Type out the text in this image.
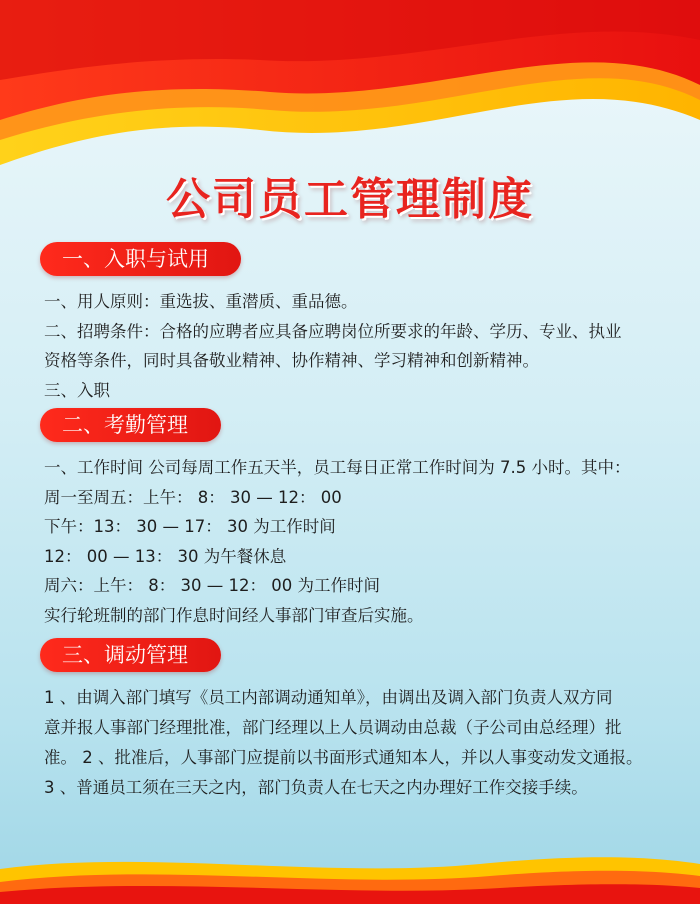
公司员工管理制度
一、入职与试用

一、用人原则：重选拔、重潜质、重品德。

二、招聘条件：合格的应聘者应具备应聘岗位所要求的年龄、学历、专业、执业

资格等条件，同时具备敬业精神、协作精神、学习精神和创新精神。

三、入职

二、考勤管理

一、工作时间 公司每周工作五天半，员工每日正常工作时间为 7.5 小时。其中：

周一至周五：上午： 8： 30 — 12： 00

下午：13： 30 — 17： 30 为工作时间

12： 00 — 13： 30 为午餐休息

周六：上午： 8： 30 — 12： 00 为工作时间

实行轮班制的部门作息时间经人事部门审查后实施。

三、调动管理

1 、由调入部门填写《员工内部调动通知单》，由调出及调入部门负责人双方同

意并报人事部门经理批准，部门经理以上人员调动由总裁（子公司由总经理）批

准。 2 、批准后，人事部门应提前以书面形式通知本人，并以人事变动发文通报。

3 、普通员工须在三天之内，部门负责人在七天之内办理好工作交接手续。
